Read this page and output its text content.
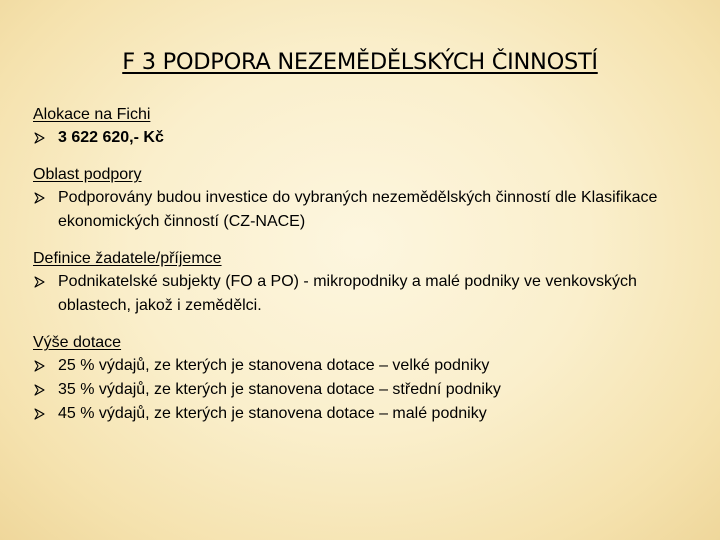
F 3 PODPORA NEZEMĚDĚLSKÝCH ČINNOSTÍ
Alokace na Fichi
3 622 620,- Kč
Oblast podpory
Podporovány budou investice do vybraných nezemědělských činností dle Klasifikace ekonomických činností (CZ-NACE)
Definice žadatele/příjemce
Podnikatelské subjekty (FO a PO) - mikropodniky a malé podniky ve venkovských oblastech, jakož i zemědělci.
Výše dotace
25 % výdajů, ze kterých je stanovena dotace – velké podniky
35 % výdajů, ze kterých je stanovena dotace – střední podniky
45 % výdajů, ze kterých je stanovena dotace – malé podniky
